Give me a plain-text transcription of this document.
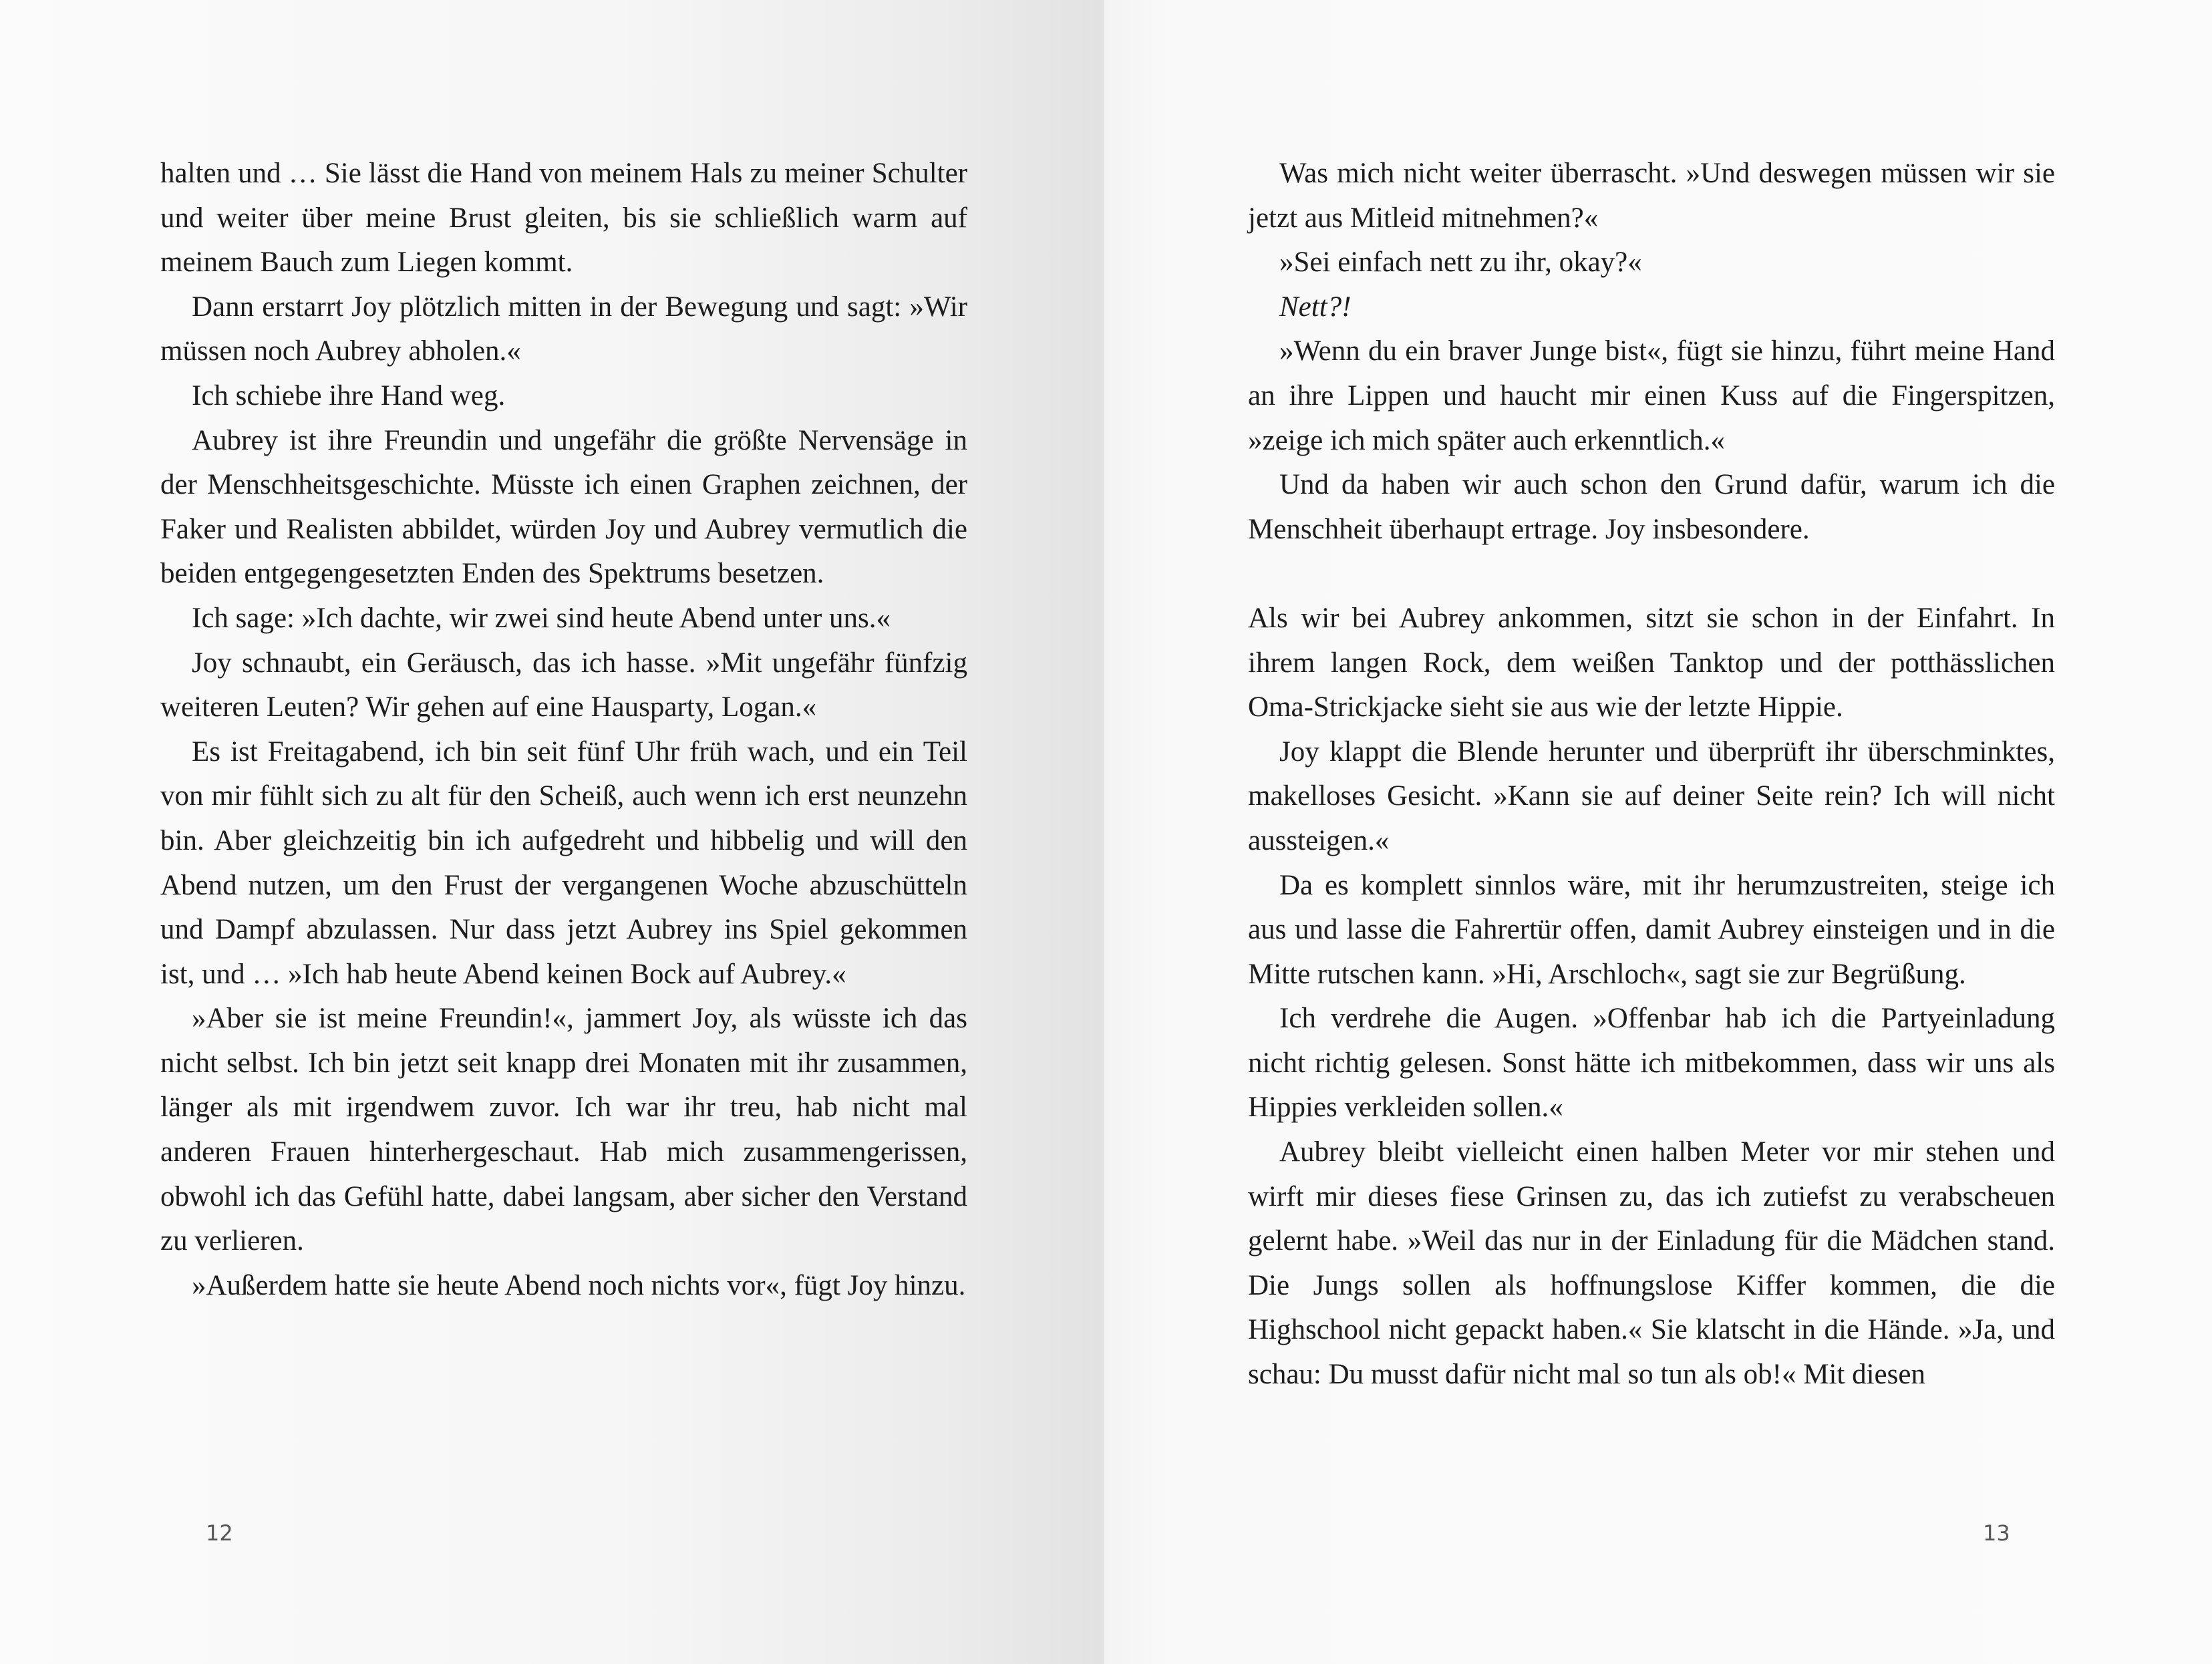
halten und … Sie lässt die Hand von meinem Hals zu meiner Schulter und weiter über meine Brust gleiten, bis sie schließlich warm auf meinem Bauch zum Liegen kommt.

Dann erstarrt Joy plötzlich mitten in der Bewegung und sagt: »Wir müssen noch Aubrey abholen.«

Ich schiebe ihre Hand weg.

Aubrey ist ihre Freundin und ungefähr die größte Nervensäge in der Menschheitsgeschichte. Müsste ich einen Graphen zeichnen, der Faker und Realisten abbildet, würden Joy und Aubrey vermutlich die beiden entgegengesetzten Enden des Spektrums besetzen.

Ich sage: »Ich dachte, wir zwei sind heute Abend unter uns.«

Joy schnaubt, ein Geräusch, das ich hasse. »Mit ungefähr fünfzig weiteren Leuten? Wir gehen auf eine Hausparty, Logan.«

Es ist Freitagabend, ich bin seit fünf Uhr früh wach, und ein Teil von mir fühlt sich zu alt für den Scheiß, auch wenn ich erst neunzehn bin. Aber gleichzeitig bin ich aufgedreht und hibbelig und will den Abend nutzen, um den Frust der vergangenen Woche abzuschütteln und Dampf abzulassen. Nur dass jetzt Aubrey ins Spiel gekommen ist, und … »Ich hab heute Abend keinen Bock auf Aubrey.«

»Aber sie ist meine Freundin!«, jammert Joy, als wüsste ich das nicht selbst. Ich bin jetzt seit knapp drei Monaten mit ihr zusammen, länger als mit irgendwem zuvor. Ich war ihr treu, hab nicht mal anderen Frauen hinterhergeschaut. Hab mich zusammengerissen, obwohl ich das Gefühl hatte, dabei langsam, aber sicher den Verstand zu verlieren.

»Außerdem hatte sie heute Abend noch nichts vor«, fügt Joy hinzu.

12

Was mich nicht weiter überrascht. »Und deswegen müssen wir sie jetzt aus Mitleid mitnehmen?«

»Sei einfach nett zu ihr, okay?«

Nett?!

»Wenn du ein braver Junge bist«, fügt sie hinzu, führt meine Hand an ihre Lippen und haucht mir einen Kuss auf die Fingerspitzen, »zeige ich mich später auch erkenntlich.«

Und da haben wir auch schon den Grund dafür, warum ich die Menschheit überhaupt ertrage. Joy insbesondere.

Als wir bei Aubrey ankommen, sitzt sie schon in der Einfahrt. In ihrem langen Rock, dem weißen Tanktop und der potthässlichen Oma-Strickjacke sieht sie aus wie der letzte Hippie.

Joy klappt die Blende herunter und überprüft ihr überschminktes, makelloses Gesicht. »Kann sie auf deiner Seite rein? Ich will nicht aussteigen.«

Da es komplett sinnlos wäre, mit ihr herumzustreiten, steige ich aus und lasse die Fahrertür offen, damit Aubrey einsteigen und in die Mitte rutschen kann. »Hi, Arschloch«, sagt sie zur Begrüßung.

Ich verdrehe die Augen. »Offenbar hab ich die Partyeinladung nicht richtig gelesen. Sonst hätte ich mitbekommen, dass wir uns als Hippies verkleiden sollen.«

Aubrey bleibt vielleicht einen halben Meter vor mir stehen und wirft mir dieses fiese Grinsen zu, das ich zutiefst zu verabscheuen gelernt habe. »Weil das nur in der Einladung für die Mädchen stand. Die Jungs sollen als hoffnungslose Kiffer kommen, die die Highschool nicht gepackt haben.« Sie klatscht in die Hände. »Ja, und schau: Du musst dafür nicht mal so tun als ob!« Mit diesen

13
